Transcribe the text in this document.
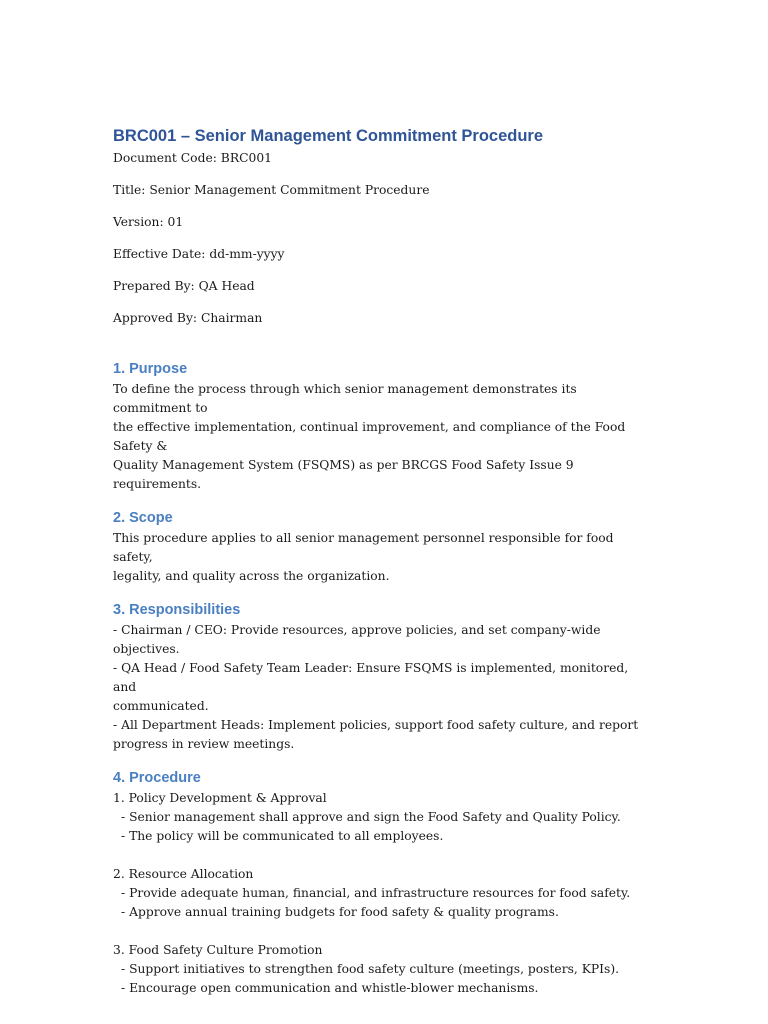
BRC001 – Senior Management Commitment Procedure

Document Code: BRC001

Title: Senior Management Commitment Procedure

Version: 01

Effective Date: dd-mm-yyyy

Prepared By: QA Head

Approved By: Chairman

1. Purpose

To define the process through which senior management demonstrates its commitment to
the effective implementation, continual improvement, and compliance of the Food Safety &
Quality Management System (FSQMS) as per BRCGS Food Safety Issue 9 requirements.

2. Scope

This procedure applies to all senior management personnel responsible for food safety,
legality, and quality across the organization.

3. Responsibilities

- Chairman / CEO: Provide resources, approve policies, and set company-wide objectives.
- QA Head / Food Safety Team Leader: Ensure FSQMS is implemented, monitored, and
communicated.
- All Department Heads: Implement policies, support food safety culture, and report
progress in review meetings.

4. Procedure
1. Policy Development & Approval
- Senior management shall approve and sign the Food Safety and Quality Policy.
- The policy will be communicated to all employees.
2. Resource Allocation
- Provide adequate human, financial, and infrastructure resources for food safety.
- Approve annual training budgets for food safety & quality programs.
3. Food Safety Culture Promotion
- Support initiatives to strengthen food safety culture (meetings, posters, KPIs).
- Encourage open communication and whistle-blower mechanisms.
